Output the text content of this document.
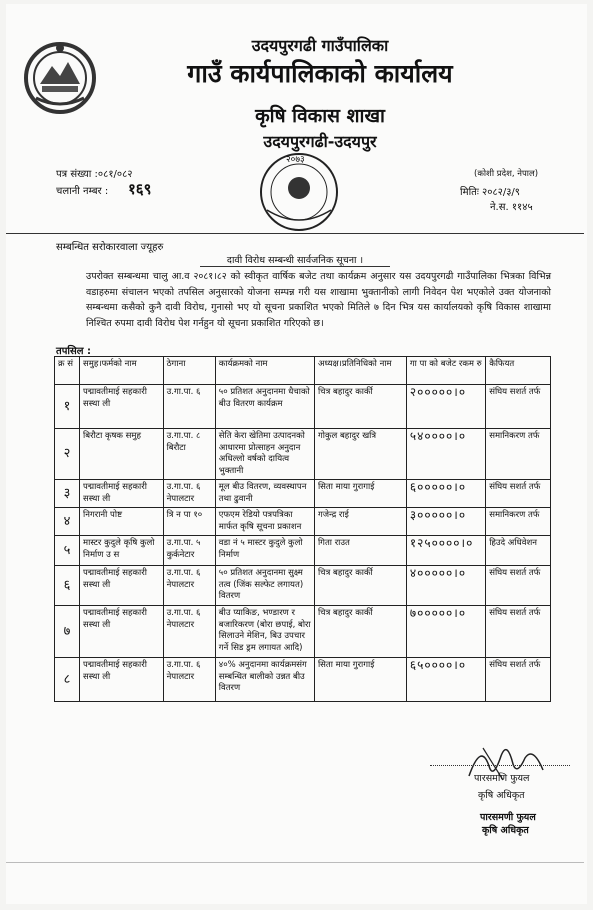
उदयपुरगढी गाउँपालिका
गाउँ कार्यपालिकाको कार्यालय
कृषि विकास शाखा
उदयपुरगढी-उदयपुर
पत्र संख्या :०८१/०८२
चलानी नम्बर : १६९
२०७३
(कोशी प्रदेश, नेपाल)
मितिः २०८२/३/९
ने.स. ११४५
सम्बन्धित सरोकारवाला ज्यूहरु
दावी विरोध सम्बन्धी सार्वजनिक सूचना ।
उपरोक्त सम्बन्धमा चालु आ.व २०८१।८२ को स्वीकृत वार्षिक बजेट तथा कार्यक्रम अनुसार यस उदयपुरगढी गाउँपालिका भित्रका विभिन्न वडाहरुमा संचालन भएको तपसिल अनुसारको योजना सम्पन्न गरी यस शाखामा भुक्तानीको लागी निवेदन पेश भएकोले उक्त योजनाको सम्बन्धमा कसैको कुनै दावी विरोध, गुनासो भए यो सूचना प्रकाशित भएको मितिले ७ दिन भित्र यस कार्यालयको कृषि विकास शाखामा निश्चित रुपमा दावी विरोध पेश गर्नहुन यो सूचना प्रकाशित गरिएको छ।
तपसिल :
क्र सं	समुह।फर्मको नाम	ठेगाना	कार्यक्रमको नाम	अध्यक्ष।प्रतिनिधिको नाम	गा पा को बजेट रकम रु	कैफियत
१	पद्मावतीमाई सहकारी सस्था ली	उ.गा.पा. ६	५० प्रतिशत अनुदानमा धैचाको बीउ वितरण कार्यक्रम	चित्र बहादुर कार्की	२०००००।०	संघिय सशर्त तर्फ
२	बिरौटा कृषक समुह	उ.गा.पा. ८ बिरौटा	सेति केरा खेतिमा उत्पादनको आधारमा प्रोत्साहन अनुदान अधिल्लो वर्षको दायित्व भुक्तानी	गोकुल बहादुर खत्रि	५४००००।०	समानिकरण तर्फ
३	पद्मावतीमाई सहकारी सस्था ली	उ.गा.पा. ६ नेपालटार	मूल बीउ वितरण, व्यवस्थापन तथा ढुवानी	सिता माया गुरागाई	६०००००।०	संघिय सशर्त तर्फ
४	निगरानी पोष्ट	त्रि न पा १०	एफएम रेडियो पत्रपत्रिका मार्फत कृषि सूचना प्रकाशन	गजेन्द्र राई	३०००००।०	समानिकरण तर्फ
५	मास्टर कुदुले कृषि कुलो निर्माण उ स	उ.गा.पा. ५ कुर्कनेटार	वडा नं ५ मास्टर कुदुले कुलो निर्माण	गिता राउत	१२५००००।०	हिउदे अधिवेशन
६	पद्मावतीमाई सहकारी सस्था ली	उ.गा.पा. ६ नेपालटार	५० प्रतिशत अनुदानमा सुक्ष्म तत्व (जिंक सल्फेट लगायत) वितरण	चित्र बहादुर कार्की	४०००००।०	संघिय सशर्त तर्फ
७	पद्मावतीमाई सहकारी सस्था ली	उ.गा.पा. ६ नेपालटार	बीउ प्याकिङ, भण्डारण र बजारिकरण (बोरा छपाई, बोरा सिलाउने मेशिन, बिउ उपचार गर्ने सिड ड्रम लगायत आदि)	चित्र बहादुर कार्की	७०००००।०	संघिय सशर्त तर्फ
८	पद्मावतीमाई सहकारी सस्था ली	उ.गा.पा. ६ नेपालटार	४०% अनुदानमा कार्यक्रमसंग सम्बन्धित बालीको उन्नत बीउ वितरण	सिता माया गुरागाई	६५००००।०	संघिय सशर्त तर्फ
पारसमणि फुयल
कृषि अधिकृत
पारसमणी फुयल
कृषि अधिकृत
